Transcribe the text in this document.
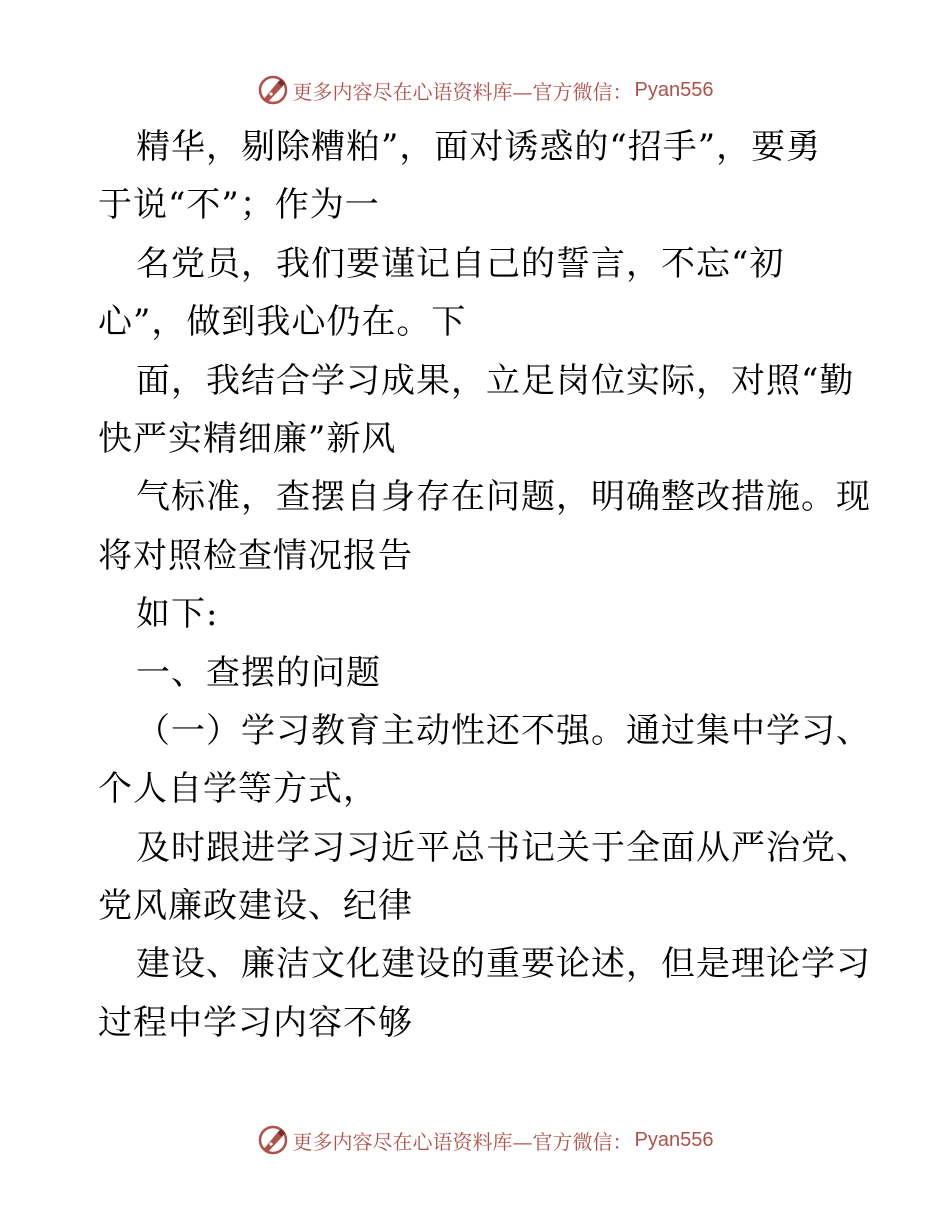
更多内容尽在心语资料库—官方微信： Pyan556
精华，剔除糟粕”，面对诱惑的“招手”，要勇
于说“不”；作为一
名党员，我们要谨记自己的誓言，不忘“初
心”，做到我心仍在。下
面，我结合学习成果，立足岗位实际，对照“勤
快严实精细廉”新风
气标准，查摆自身存在问题，明确整改措施。现
将对照检查情况报告
如下:
一、查摆的问题
（一）学习教育主动性还不强。通过集中学习、
个人自学等方式，
及时跟进学习习近平总书记关于全面从严治党、
党风廉政建设、纪律
建设、廉洁文化建设的重要论述，但是理论学习
过程中学习内容不够
更多内容尽在心语资料库—官方微信： Pyan556
